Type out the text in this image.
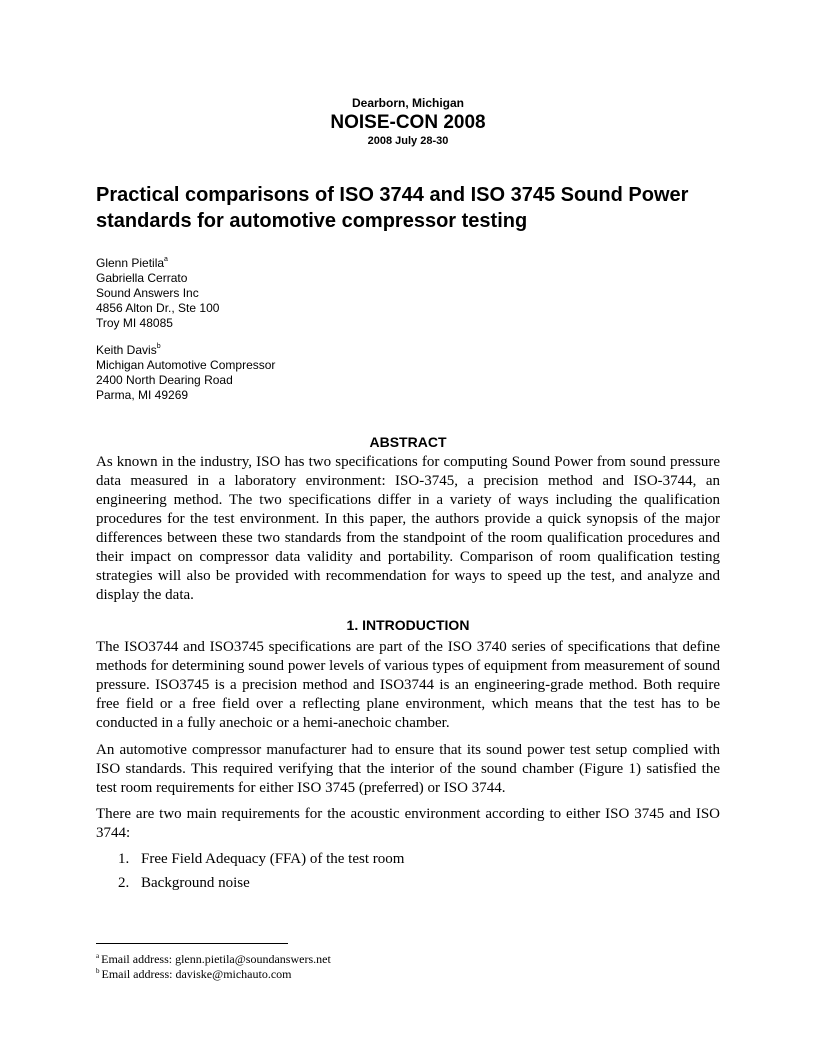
Dearborn, Michigan
NOISE-CON 2008
2008 July 28-30
Practical comparisons of ISO 3744 and ISO 3745 Sound Power standards for automotive compressor testing
Glenn Pietila$^a$
Gabriella Cerrato
Sound Answers Inc
4856 Alton Dr., Ste 100
Troy MI 48085
Keith Davis$^b$
Michigan Automotive Compressor
2400 North Dearing Road
Parma, MI 49269
ABSTRACT
As known in the industry, ISO has two specifications for computing Sound Power from sound pressure data measured in a laboratory environment: ISO-3745, a precision method and ISO-3744, an engineering method. The two specifications differ in a variety of ways including the qualification procedures for the test environment. In this paper, the authors provide a quick synopsis of the major differences between these two standards from the standpoint of the room qualification procedures and their impact on compressor data validity and portability. Comparison of room qualification testing strategies will also be provided with recommendation for ways to speed up the test, and analyze and display the data.
1. INTRODUCTION
The ISO3744 and ISO3745 specifications are part of the ISO 3740 series of specifications that define methods for determining sound power levels of various types of equipment from measurement of sound pressure. ISO3745 is a precision method and ISO3744 is an engineering-grade method. Both require free field or a free field over a reflecting plane environment, which means that the test has to be conducted in a fully anechoic or a hemi-anechoic chamber.
An automotive compressor manufacturer had to ensure that its sound power test setup complied with ISO standards. This required verifying that the interior of the sound chamber (Figure 1) satisfied the test room requirements for either ISO 3745 (preferred) or ISO 3744.
There are two main requirements for the acoustic environment according to either ISO 3745 and ISO 3744:
1. Free Field Adequacy (FFA) of the test room
2. Background noise
$^a$ Email address: glenn.pietila@soundanswers.net
$^b$ Email address: daviske@michauto.com
